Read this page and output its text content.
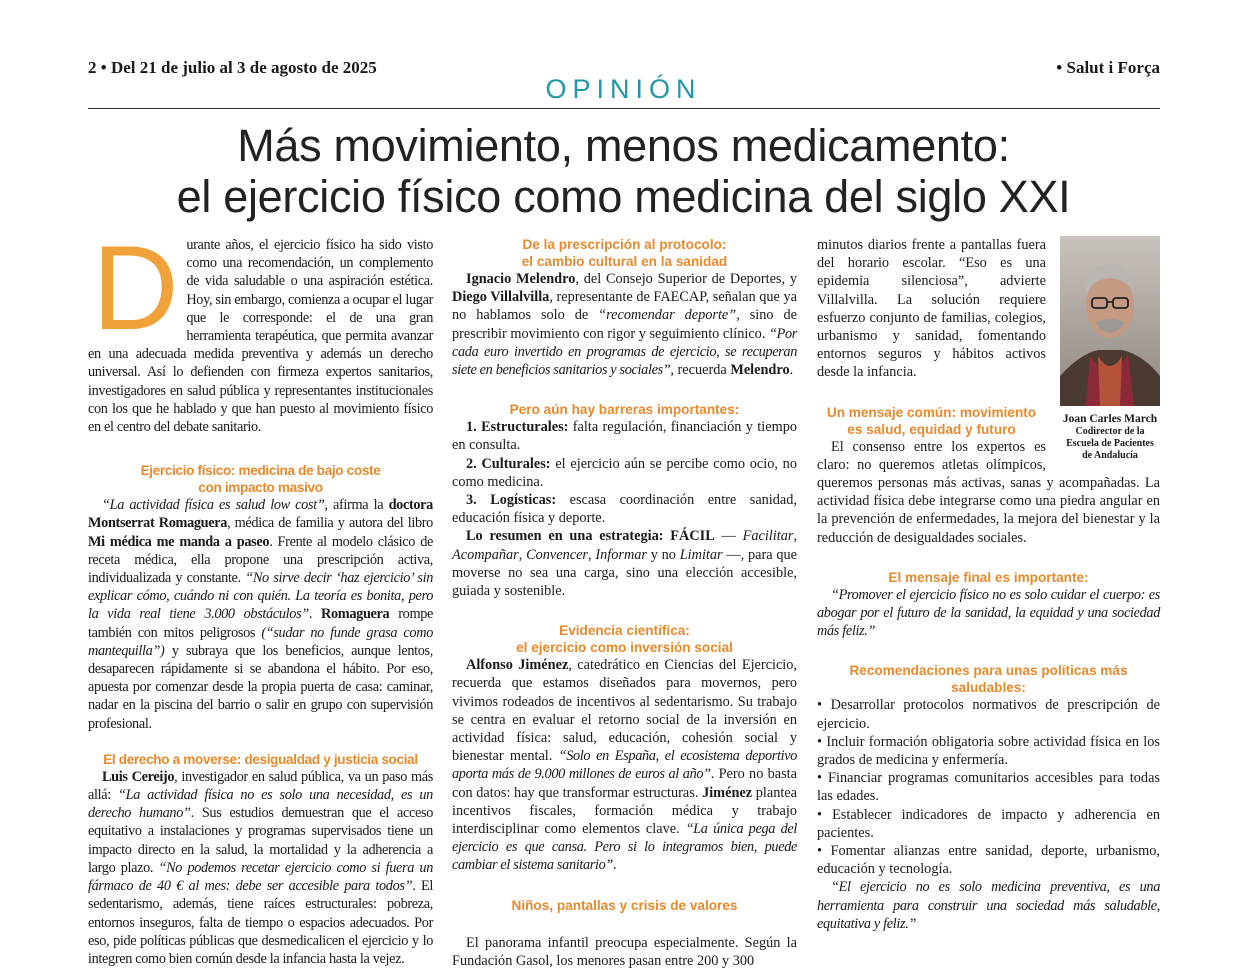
2 • Del 21 de julio al 3 de agosto de 2025	• Salut i Força
OPINIÓN
Más movimiento, menos medicamento:
el ejercicio físico como medicina del siglo XXI

Durante años, el ejercicio físico ha sido visto como una recomendación, un complemento de vida saludable o una aspiración estética. Hoy, sin embargo, comienza a ocupar el lugar que le corresponde: el de una gran herramienta terapéutica, que permita avanzar en una adecuada medida preventiva y además un derecho universal. Así lo defienden con firmeza expertos sanitarios, investigadores en salud pública y representantes institucionales con los que he hablado y que han puesto al movimiento físico en el centro del debate sanitario.

Ejercicio físico: medicina de bajo coste
con impacto masivo

“La actividad física es salud low cost”, afirma la doctora Montserrat Romaguera, médica de familia y autora del libro Mi médica me manda a paseo. Frente al modelo clásico de receta médica, ella propone una prescripción activa, individualizada y constante. “No sirve decir ‘haz ejercicio’ sin explicar cómo, cuándo ni con quién. La teoría es bonita, pero la vida real tiene 3.000 obstáculos”. Romaguera rompe también con mitos peligrosos (“sudar no funde grasa como mantequilla”) y subraya que los beneficios, aunque lentos, desaparecen rápidamente si se abandona el hábito. Por eso, apuesta por comenzar desde la propia puerta de casa: caminar, nadar en la piscina del barrio o salir en grupo con supervisión profesional.

El derecho a moverse: desigualdad y justicia social

Luis Cereijo, investigador en salud pública, va un paso más allá: “La actividad física no es solo una necesidad, es un derecho humano”. Sus estudios demuestran que el acceso equitativo a instalaciones y programas supervisados tiene un impacto directo en la salud, la mortalidad y la adherencia a largo plazo. “No podemos recetar ejercicio como si fuera un fármaco de 40 € al mes: debe ser accesible para todos”. El sedentarismo, además, tiene raíces estructurales: pobreza, entornos inseguros, falta de tiempo o espacios adecuados. Por eso, pide políticas públicas que desmedicalicen el ejercicio y lo integren como bien común desde la infancia hasta la vejez.

De la prescripción al protocolo:
el cambio cultural en la sanidad

Ignacio Melendro, del Consejo Superior de Deportes, y Diego Villalvilla, representante de FAECAP, señalan que ya no hablamos solo de “recomendar deporte”, sino de prescribir movimiento con rigor y seguimiento clínico. “Por cada euro invertido en programas de ejercicio, se recuperan siete en beneficios sanitarios y sociales”, recuerda Melendro.

Pero aún hay barreras importantes:

1. Estructurales: falta regulación, financiación y tiempo en consulta.

2. Culturales: el ejercicio aún se percibe como ocio, no como medicina.

3. Logísticas: escasa coordinación entre sanidad, educación física y deporte.

Lo resumen en una estrategia: FÁCIL — Facilitar, Acompañar, Convencer, Informar y no Limitar —, para que moverse no sea una carga, sino una elección accesible, guiada y sostenible.

Evidencia científica:
el ejercicio como inversión social

Alfonso Jiménez, catedrático en Ciencias del Ejercicio, recuerda que estamos diseñados para movernos, pero vivimos rodeados de incentivos al sedentarismo. Su trabajo se centra en evaluar el retorno social de la inversión en actividad física: salud, educación, cohesión social y bienestar mental. “Solo en España, el ecosistema deportivo aporta más de 9.000 millones de euros al año”. Pero no basta con datos: hay que transformar estructuras. Jiménez plantea incentivos fiscales, formación médica y trabajo interdisciplinar como elementos clave. “La única pega del ejercicio es que cansa. Pero si lo integramos bien, puede cambiar el sistema sanitario”.

Niños, pantallas y crisis de valores

El panorama infantil preocupa especialmente. Según la Fundación Gasol, los menores pasan entre 200 y 300

Joan Carles March
Codirector de la Escuela de Pacientes de Andalucía

minutos diarios frente a pantallas fuera del horario escolar. “Eso es una epidemia silenciosa”, advierte Villalvilla. La solución requiere esfuerzo conjunto de familias, colegios, urbanismo y sanidad, fomentando entornos seguros y hábitos activos desde la infancia.

Un mensaje común: movimiento
es salud, equidad y futuro

El consenso entre los expertos es claro: no queremos atletas olímpicos, queremos personas más activas, sanas y acompañadas. La actividad física debe integrarse como una piedra angular en la prevención de enfermedades, la mejora del bienestar y la reducción de desigualdades sociales.

El mensaje final es importante:

“Promover el ejercicio físico no es solo cuidar el cuerpo: es abogar por el futuro de la sanidad, la equidad y una sociedad más feliz.”

Recomendaciones para unas políticas más
saludables:

• Desarrollar protocolos normativos de prescripción de ejercicio.

• Incluir formación obligatoria sobre actividad física en los grados de medicina y enfermería.

• Financiar programas comunitarios accesibles para todas las edades.

• Establecer indicadores de impacto y adherencia en pacientes.

• Fomentar alianzas entre sanidad, deporte, urbanismo, educación y tecnología.

“El ejercicio no es solo medicina preventiva, es una herramienta para construir una sociedad más saludable, equitativa y feliz.”
